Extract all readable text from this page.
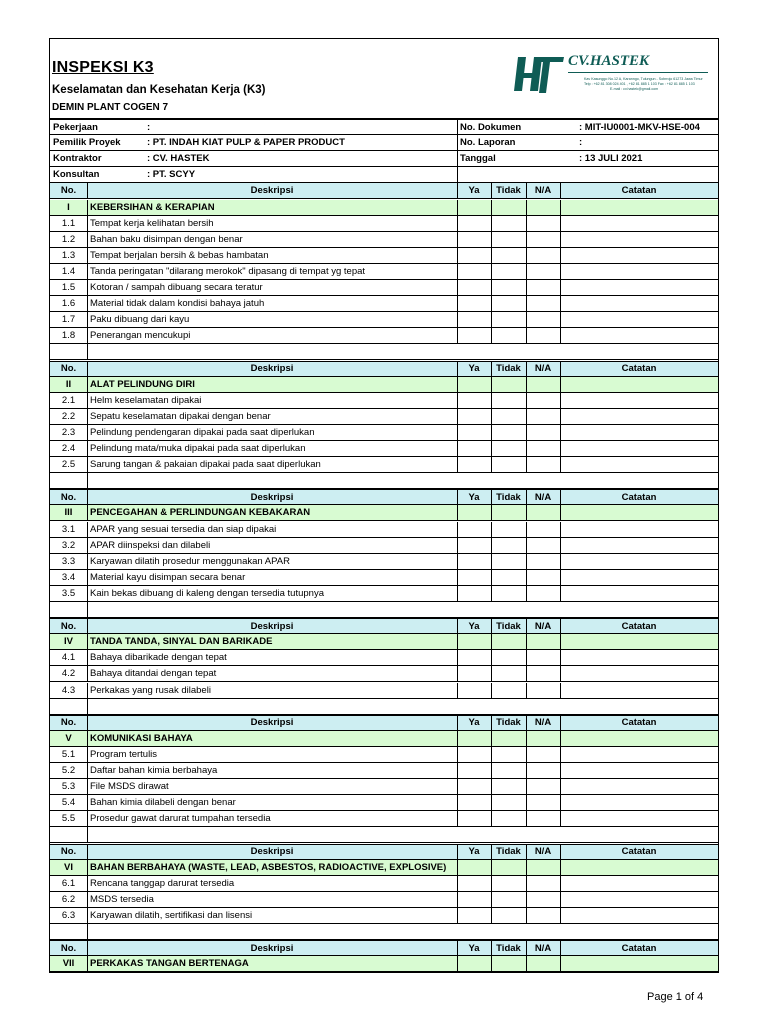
INSPEKSI K3
Keselamatan dan Kesehatan Kerja (K3)
DEMIN PLANT COGEN 7
CV.HASTEK
Kav Kasunggo No.12 A, Karanngo, Tulungun - Sobrrojo 61273 Jawa Timur
Telp : +62 81 308 024 401 , +62 81 885 1 103 Fax : +62 81 885 1 103
E-mail : cv.hastek@gmail.com
Pekerjaan	:	No. Dokumen	: MIT-IU0001-MKV-HSE-004
Pemilik Proyek	: PT. INDAH KIAT PULP & PAPER PRODUCT	No. Laporan	:
Kontraktor	: CV. HASTEK	Tanggal	: 13 JULI 2021
Konsultan	: PT. SCYY
No.	Deskripsi	Ya	Tidak	N/A	Catatan
I	KEBERSIHAN & KERAPIAN
1.1	Tempat kerja kelihatan bersih
1.2	Bahan baku disimpan dengan benar
1.3	Tempat berjalan bersih & bebas hambatan
1.4	Tanda peringatan "dilarang merokok" dipasang di tempat yg tepat
1.5	Kotoran / sampah dibuang secara teratur
1.6	Material tidak dalam kondisi bahaya jatuh
1.7	Paku dibuang dari kayu
1.8	Penerangan mencukupi
No.	Deskripsi	Ya	Tidak	N/A	Catatan
II	ALAT PELINDUNG DIRI
2.1	Helm keselamatan dipakai
2.2	Sepatu keselamatan dipakai dengan benar
2.3	Pelindung pendengaran dipakai pada saat diperlukan
2.4	Pelindung mata/muka dipakai pada saat diperlukan
2.5	Sarung tangan & pakaian dipakai pada saat diperlukan
No.	Deskripsi	Ya	Tidak	N/A	Catatan
III	PENCEGAHAN & PERLINDUNGAN KEBAKARAN
3.1	APAR yang sesuai tersedia dan siap dipakai
3.2	APAR diinspeksi dan dilabeli
3.3	Karyawan dilatih prosedur menggunakan APAR
3.4	Material kayu disimpan secara benar
3.5	Kain bekas dibuang di kaleng dengan tersedia tutupnya
No.	Deskripsi	Ya	Tidak	N/A	Catatan
IV	TANDA TANDA, SINYAL DAN BARIKADE
4.1	Bahaya dibarikade dengan tepat
4.2	Bahaya ditandai dengan tepat
4.3	Perkakas yang rusak dilabeli
No.	Deskripsi	Ya	Tidak	N/A	Catatan
V	KOMUNIKASI BAHAYA
5.1	Program tertulis
5.2	Daftar bahan kimia berbahaya
5.3	File MSDS dirawat
5.4	Bahan kimia dilabeli dengan benar
5.5	Prosedur gawat darurat tumpahan tersedia
No.	Deskripsi	Ya	Tidak	N/A	Catatan
VI	BAHAN BERBAHAYA (WASTE, LEAD, ASBESTOS, RADIOACTIVE, EXPLOSIVE)
6.1	Rencana tanggap darurat tersedia
6.2	MSDS tersedia
6.3	Karyawan dilatih, sertifikasi dan lisensi
No.	Deskripsi	Ya	Tidak	N/A	Catatan
VII	PERKAKAS TANGAN BERTENAGA
Page 1 of 4
